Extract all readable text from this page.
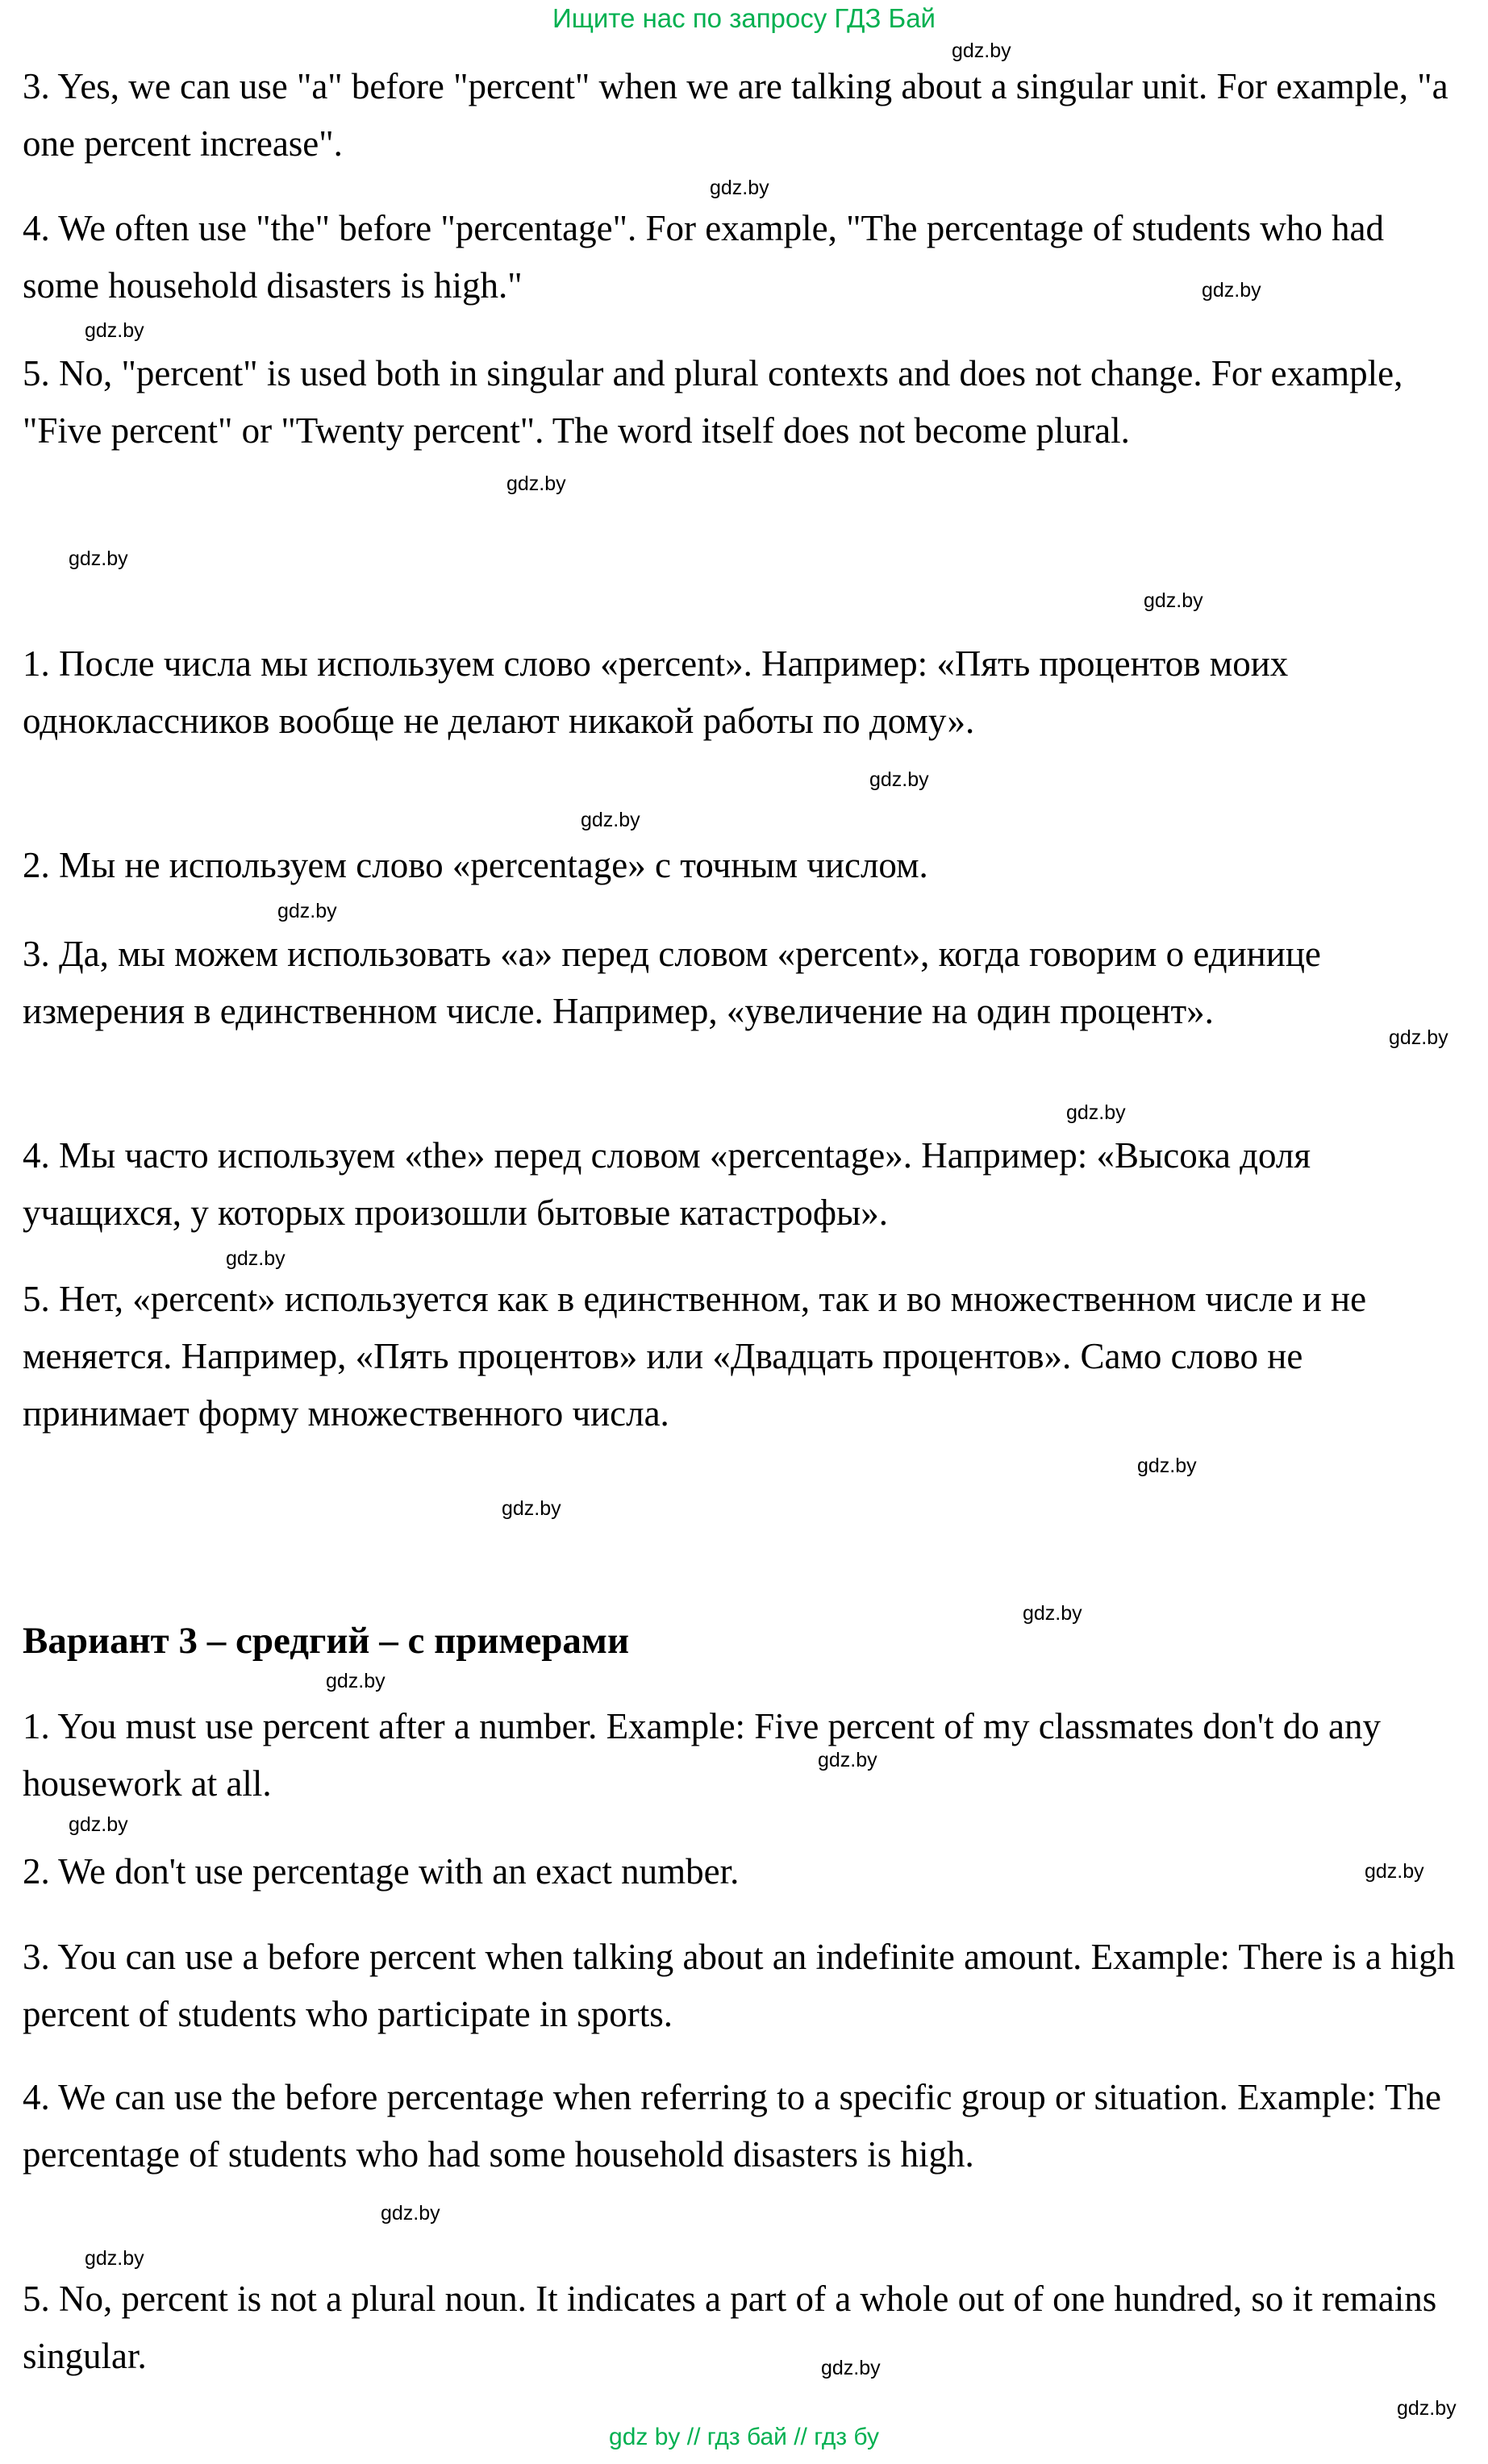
Ищите нас по запросу ГДЗ Бай
3. Yes, we can use "a" before "percent" when we are talking about a singular unit. For example, "a one percent increase".
4. We often use "the" before "percentage". For example, "The percentage of students who had some household disasters is high."
5. No, "percent" is used both in singular and plural contexts and does not change. For example, "Five percent" or "Twenty percent". The word itself does not become plural.
1. После числа мы используем слово «percent». Например: «Пять процентов моих одноклассников вообще не делают никакой работы по дому».
2. Мы не используем слово «percentage» с точным числом.
3. Да, мы можем использовать «а» перед словом «percent», когда говорим о единице измерения в единственном числе. Например, «увеличение на один процент».
4. Мы часто используем «the» перед словом «percentage». Например: «Высока доля учащихся, у которых произошли бытовые катастрофы».
5. Нет, «percent» используется как в единственном, так и во множественном числе и не меняется. Например, «Пять процентов» или «Двадцать процентов». Само слово не принимает форму множественного числа.
Вариант 3 – средгий – с примерами
1. You must use percent after a number. Example: Five percent of my classmates don't do any housework at all.
2. We don't use percentage with an exact number.
3. You can use a before percent when talking about an indefinite amount. Example: There is a high percent of students who participate in sports.
4. We can use the before percentage when referring to a specific group or situation. Example: The percentage of students who had some household disasters is high.
5. No, percent is not a plural noun. It indicates a part of a whole out of one hundred, so it remains singular.
gdz.by
gdz.by
gdz.by
gdz.by
gdz.by
gdz.by
gdz.by
gdz.by
gdz.by
gdz.by
gdz.by
gdz.by
gdz.by
gdz.by
gdz.by
gdz.by
gdz.by
gdz.by
gdz.by
gdz.by
gdz.by
gdz.by
gdz.by
gdz.by
gdz by // гдз бай // гдз бу
